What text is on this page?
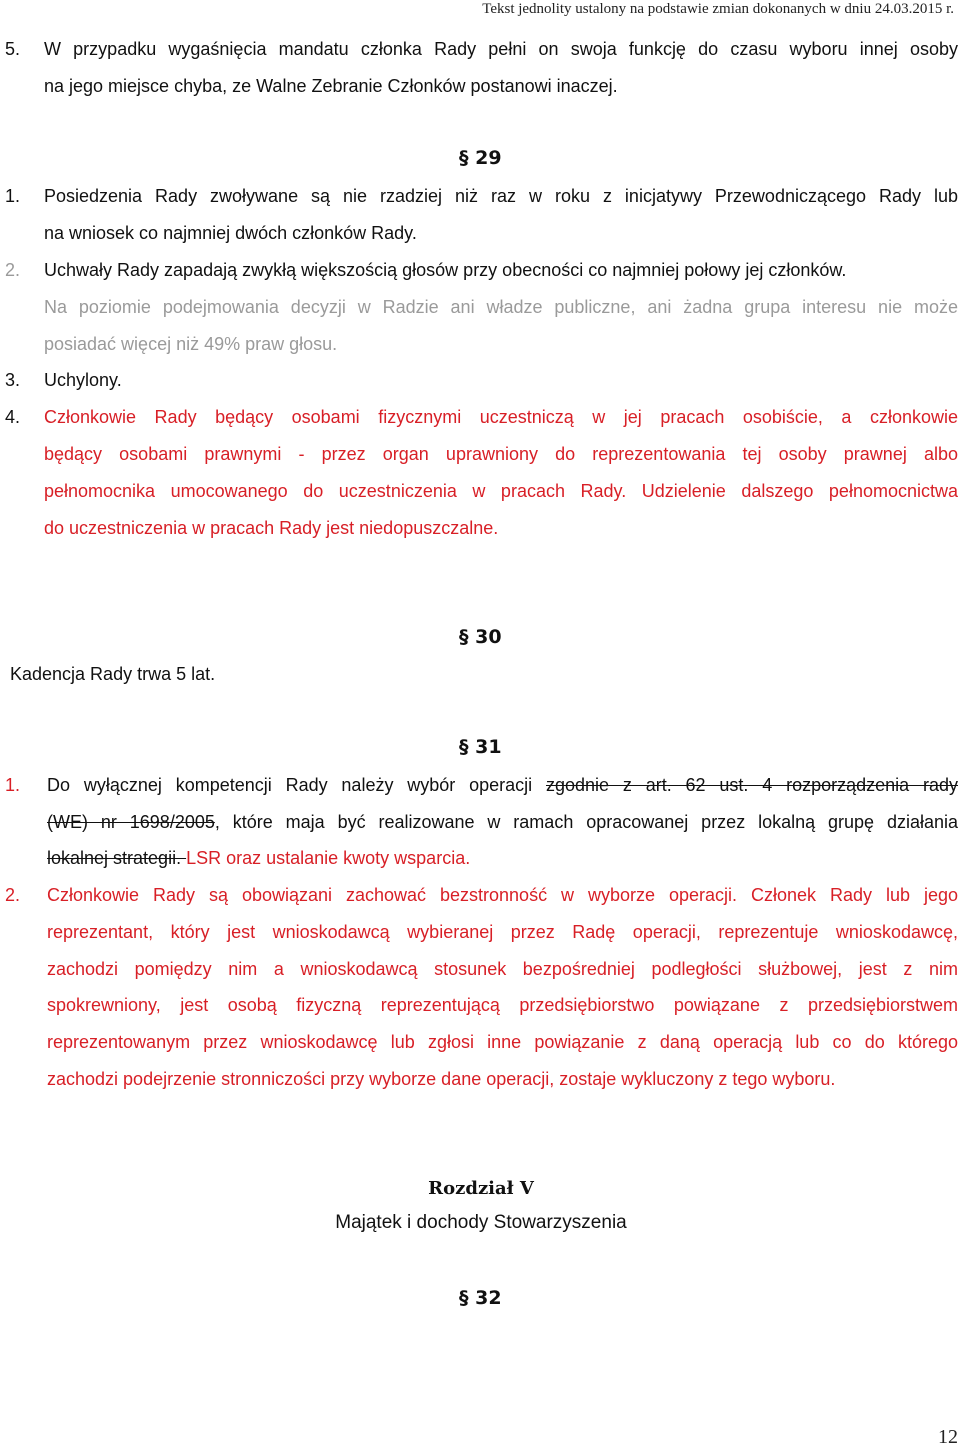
Tekst jednolity ustalony na podstawie zmian dokonanych w dniu 24.03.2015 r.
5. W przypadku wygaśnięcia mandatu członka Rady pełni on swoja funkcję do czasu wyboru innej osoby
na jego miejsce chyba, ze Walne Zebranie Członków postanowi inaczej.
§ 29
1. Posiedzenia Rady zwoływane są nie rzadziej niż raz w roku z inicjatywy Przewodniczącego Rady lub
na wniosek co najmniej dwóch członków Rady.
2. Uchwały Rady zapadają zwykłą większością głosów przy obecności co najmniej połowy jej członków.
Na poziomie podejmowania decyzji w Radzie ani władze publiczne, ani żadna grupa interesu nie może
posiadać więcej niż 49% praw głosu.
3. Uchylony.
4. Członkowie Rady będący osobami fizycznymi uczestniczą w jej pracach osobiście, a członkowie
będący osobami prawnymi - przez organ uprawniony do reprezentowania tej osoby prawnej albo
pełnomocnika umocowanego do uczestniczenia w pracach Rady. Udzielenie dalszego pełnomocnictwa
do uczestniczenia w pracach Rady jest niedopuszczalne.
§ 30
Kadencja Rady trwa 5 lat.
§ 31
1. Do wyłącznej kompetencji Rady należy wybór operacji zgodnie z art. 62 ust. 4 rozporządzenia rady
(WE) nr 1698/2005, które maja być realizowane w ramach opracowanej przez lokalną grupę działania
lokalnej strategii. LSR oraz ustalanie kwoty wsparcia.
2. Członkowie Rady są obowiązani zachować bezstronność w wyborze operacji. Członek Rady lub jego
reprezentant, który jest wnioskodawcą wybieranej przez Radę operacji, reprezentuje wnioskodawcę,
zachodzi pomiędzy nim a wnioskodawcą stosunek bezpośredniej podległości służbowej, jest z nim
spokrewniony, jest osobą fizyczną reprezentującą przedsiębiorstwo powiązane z przedsiębiorstwem
reprezentowanym przez wnioskodawcę lub zgłosi inne powiązanie z daną operacją lub co do którego
zachodzi podejrzenie stronniczości przy wyborze dane operacji, zostaje wykluczony z tego wyboru.
Rozdział V
Majątek i dochody Stowarzyszenia
§ 32
12
